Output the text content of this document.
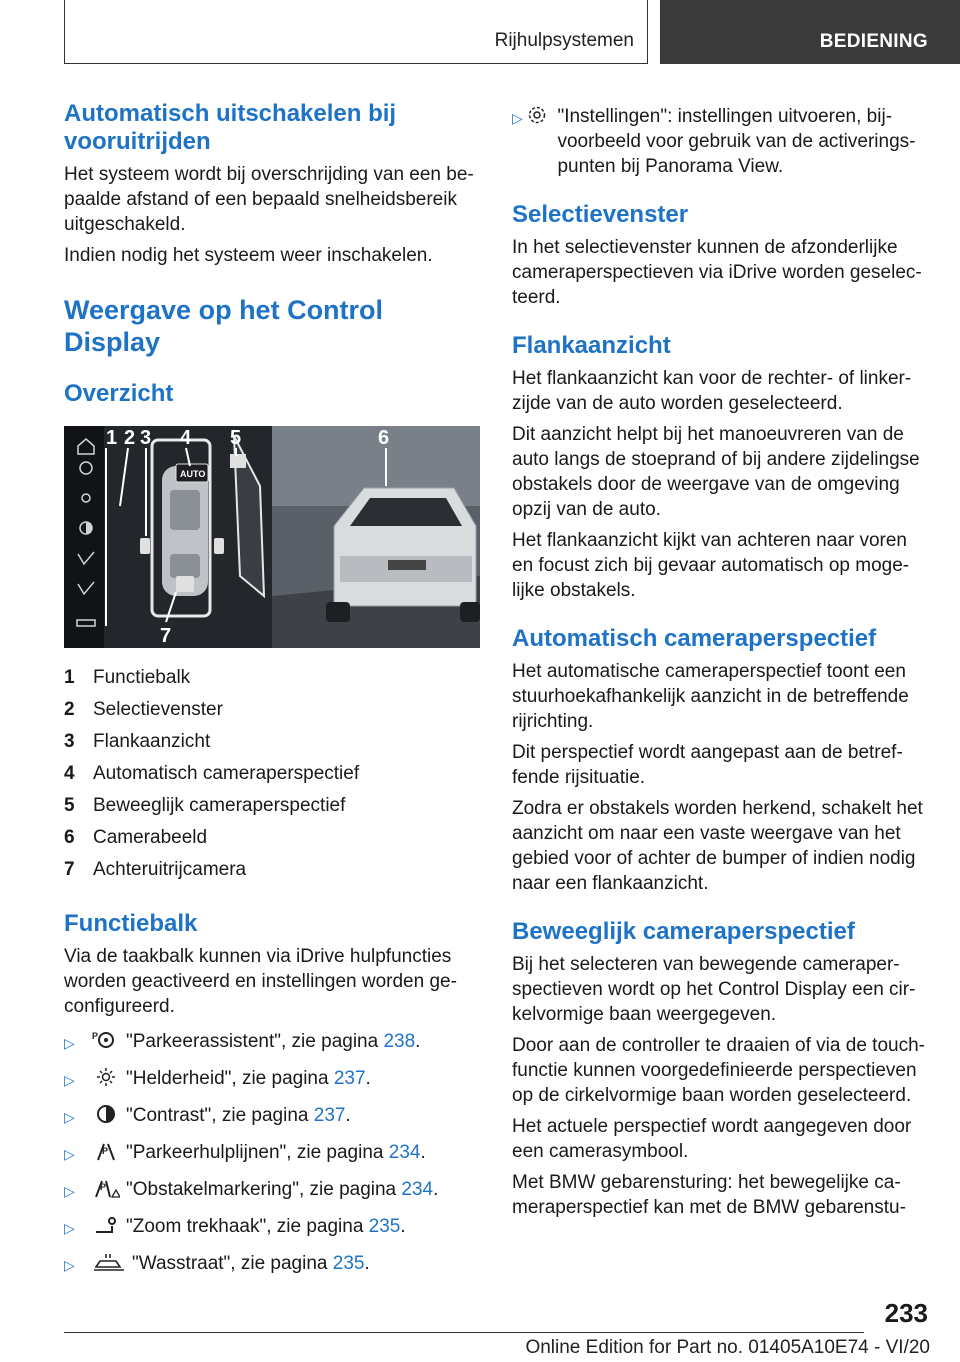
Rijhulpsystemen	BEDIENING
Automatisch uitschakelen bij vooruitrijden

Het systeem wordt bij overschrijding van een bepaalde afstand of een bepaald snelheidsbereik uitgeschakeld.

Indien nodig het systeem weer inschakelen.

Weergave op het Control Display
Overzicht
AUTO
1 2 3 4 5	6
7
1 Functiebalk
2 Selectievenster
3 Flankaanzicht
4 Automatisch cameraperspectief
5 Beweeglijk cameraperspectief
6 Camerabeeld
7 Achteruitrijcamera
Functiebalk

Via de taakbalk kunnen via iDrive hulpfuncties worden geactiveerd en instellingen worden geconfigureerd.

▷	P "Parkeerassistent", zie pagina 238.
▷	"Helderheid", zie pagina 237.
▷	"Contrast", zie pagina 237.
▷	P "Parkeerhulplijnen", zie pagina 234.
▷	P "Obstakelmarkering", zie pagina 234.
▷	"Zoom trekhaak", zie pagina 235.
▷	"Wasstraat", zie pagina 235.
▷ "Instellingen": instellingen uitvoeren, bijvoorbeeld voor gebruik van de activeringspunten bij Panorama View.
Selectievenster

In het selectievenster kunnen de afzonderlijke cameraperspectieven via iDrive worden geselecteerd.

Flankaanzicht

Het flankaanzicht kan voor de rechter- of linkerzijde van de auto worden geselecteerd.

Dit aanzicht helpt bij het manoeuvreren van de auto langs de stoeprand of bij andere zijdelingse obstakels door de weergave van de omgeving opzij van de auto.

Het flankaanzicht kijkt van achteren naar voren en focust zich bij gevaar automatisch op mogelijke obstakels.

Automatisch cameraperspectief

Het automatische cameraperspectief toont een stuurhoekafhankelijk aanzicht in de betreffende rijrichting.

Dit perspectief wordt aangepast aan de betreffende rijsituatie.

Zodra er obstakels worden herkend, schakelt het aanzicht om naar een vaste weergave van het gebied voor of achter de bumper of indien nodig naar een flankaanzicht.

Beweeglijk cameraperspectief

Bij het selecteren van bewegende cameraperspectieven wordt op het Control Display een cirkelvormige baan weergegeven.

Door aan de controller te draaien of via de touchfunctie kunnen voorgedefinieerde perspectieven op de cirkelvormige baan worden geselecteerd.

Het actuele perspectief wordt aangegeven door een camerasymbool.

Met BMW gebarensturing: het bewegelijke cameraperspectief kan met de BMW gebarenstu-

233
Online Edition for Part no. 01405A10E74 - VI/20
